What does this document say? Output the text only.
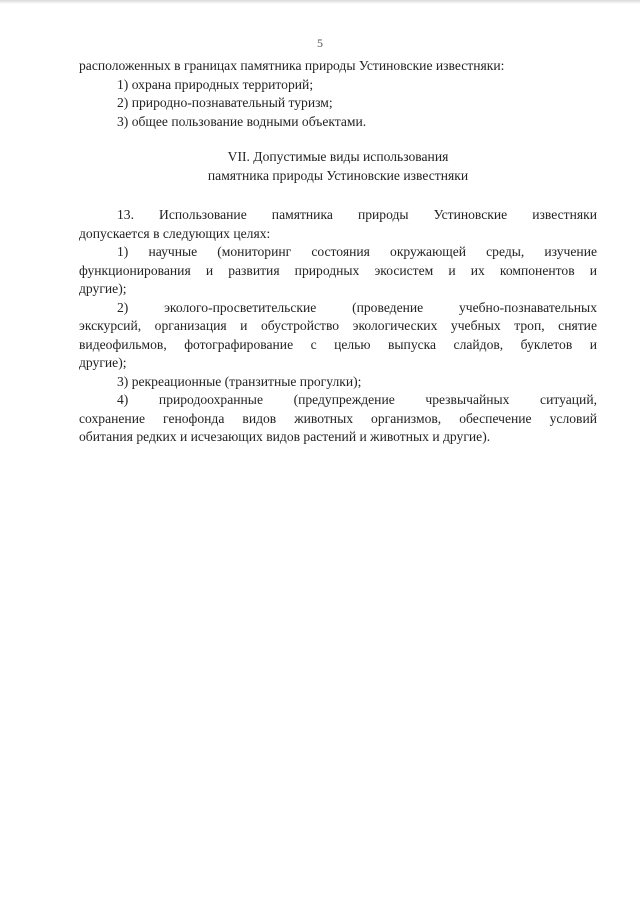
5
расположенных в границах памятника природы Устиновские известняки:
1) охрана природных территорий;
2) природно-познавательный туризм;
3) общее пользование водными объектами.
VII. Допустимые виды использования
памятника природы Устиновские известняки
13. Использование памятника природы Устиновские известняки
допускается в следующих целях:
1) научные (мониторинг состояния окружающей среды, изучение
функционирования и развития природных экосистем и их компонентов и
другие);
2) эколого-просветительские (проведение учебно-познавательных
экскурсий, организация и обустройство экологических учебных троп, снятие
видеофильмов, фотографирование с целью выпуска слайдов, буклетов и
другие);
3) рекреационные (транзитные прогулки);
4) природоохранные (предупреждение чрезвычайных ситуаций,
сохранение генофонда видов животных организмов, обеспечение условий
обитания редких и исчезающих видов растений и животных и другие).
